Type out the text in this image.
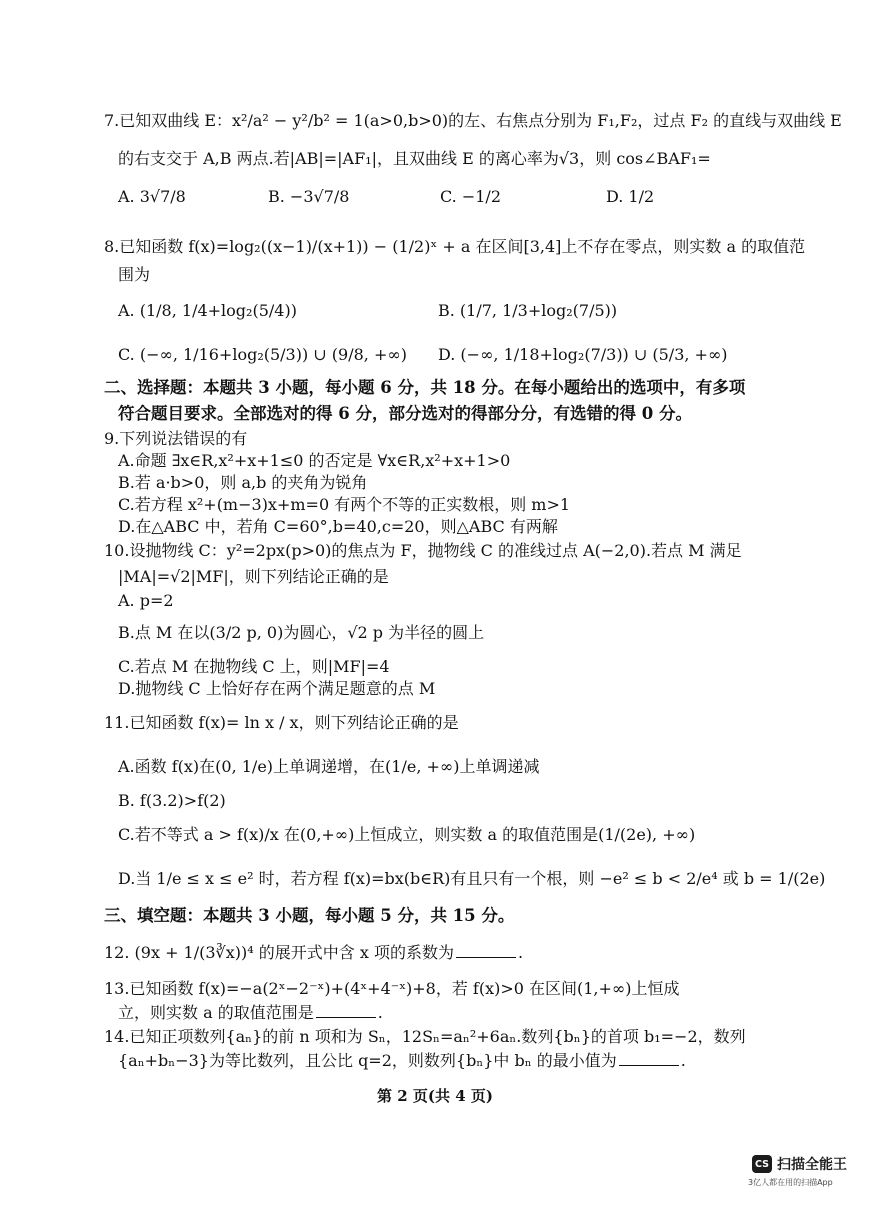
7.已知双曲线 E：x²/a² − y²/b² = 1(a>0,b>0)的左、右焦点分别为 F₁,F₂，过点 F₂ 的直线与双曲线 E
的右支交于 A,B 两点.若|AB|=|AF₁|，且双曲线 E 的离心率为√3，则 cos∠BAF₁=
A. 3√7/8	B. −3√7/8	C. −1/2	D. 1/2
8.已知函数 f(x)=log₂((x−1)/(x+1)) − (1/2)ˣ + a 在区间[3,4]上不存在零点，则实数 a 的取值范
围为
A. (1/8, 1/4+log₂(5/4))	B. (1/7, 1/3+log₂(7/5))
C. (−∞, 1/16+log₂(5/3)) ∪ (9/8, +∞) D. (−∞, 1/18+log₂(7/3)) ∪ (5/3, +∞)
二、选择题：本题共 3 小题，每小题 6 分，共 18 分。在每小题给出的选项中，有多项
符合题目要求。全部选对的得 6 分，部分选对的得部分分，有选错的得 0 分。
9.下列说法错误的有
A.命题 ∃x∈R,x²+x+1≤0 的否定是 ∀x∈R,x²+x+1>0
B.若 a·b>0，则 a,b 的夹角为锐角
C.若方程 x²+(m−3)x+m=0 有两个不等的正实数根，则 m>1
D.在△ABC 中，若角 C=60°,b=40,c=20，则△ABC 有两解
10.设抛物线 C：y²=2px(p>0)的焦点为 F，抛物线 C 的准线过点 A(−2,0).若点 M 满足
|MA|=√2|MF|，则下列结论正确的是
A. p=2
B.点 M 在以(3/2 p, 0)为圆心，√2 p 为半径的圆上
C.若点 M 在抛物线 C 上，则|MF|=4
D.抛物线 C 上恰好存在两个满足题意的点 M
11.已知函数 f(x)= ln x / x，则下列结论正确的是
A.函数 f(x)在(0, 1/e)上单调递增，在(1/e, +∞)上单调递减
B. f(3.2)>f(2)
C.若不等式 a > f(x)/x 在(0,+∞)上恒成立，则实数 a 的取值范围是(1/(2e), +∞)
D.当 1/e ≤ x ≤ e² 时，若方程 f(x)=bx(b∈R)有且只有一个根，则 −e² ≤ b < 2/e⁴ 或 b = 1/(2e)
三、填空题：本题共 3 小题，每小题 5 分，共 15 分。
12. (9x + 1/(3∛x))⁴ 的展开式中含 x 项的系数为	.
13.已知函数 f(x)=−a(2ˣ−2⁻ˣ)+(4ˣ+4⁻ˣ)+8，若 f(x)>0 在区间(1,+∞)上恒成
立，则实数 a 的取值范围是	.
14.已知正项数列{aₙ}的前 n 项和为 Sₙ，12Sₙ=aₙ²+6aₙ.数列{bₙ}的首项 b₁=−2，数列
{aₙ+bₙ−3}为等比数列，且公比 q=2，则数列{bₙ}中 bₙ 的最小值为	.
第 2 页(共 4 页)
CS 扫描全能王
3亿人都在用的扫描App
